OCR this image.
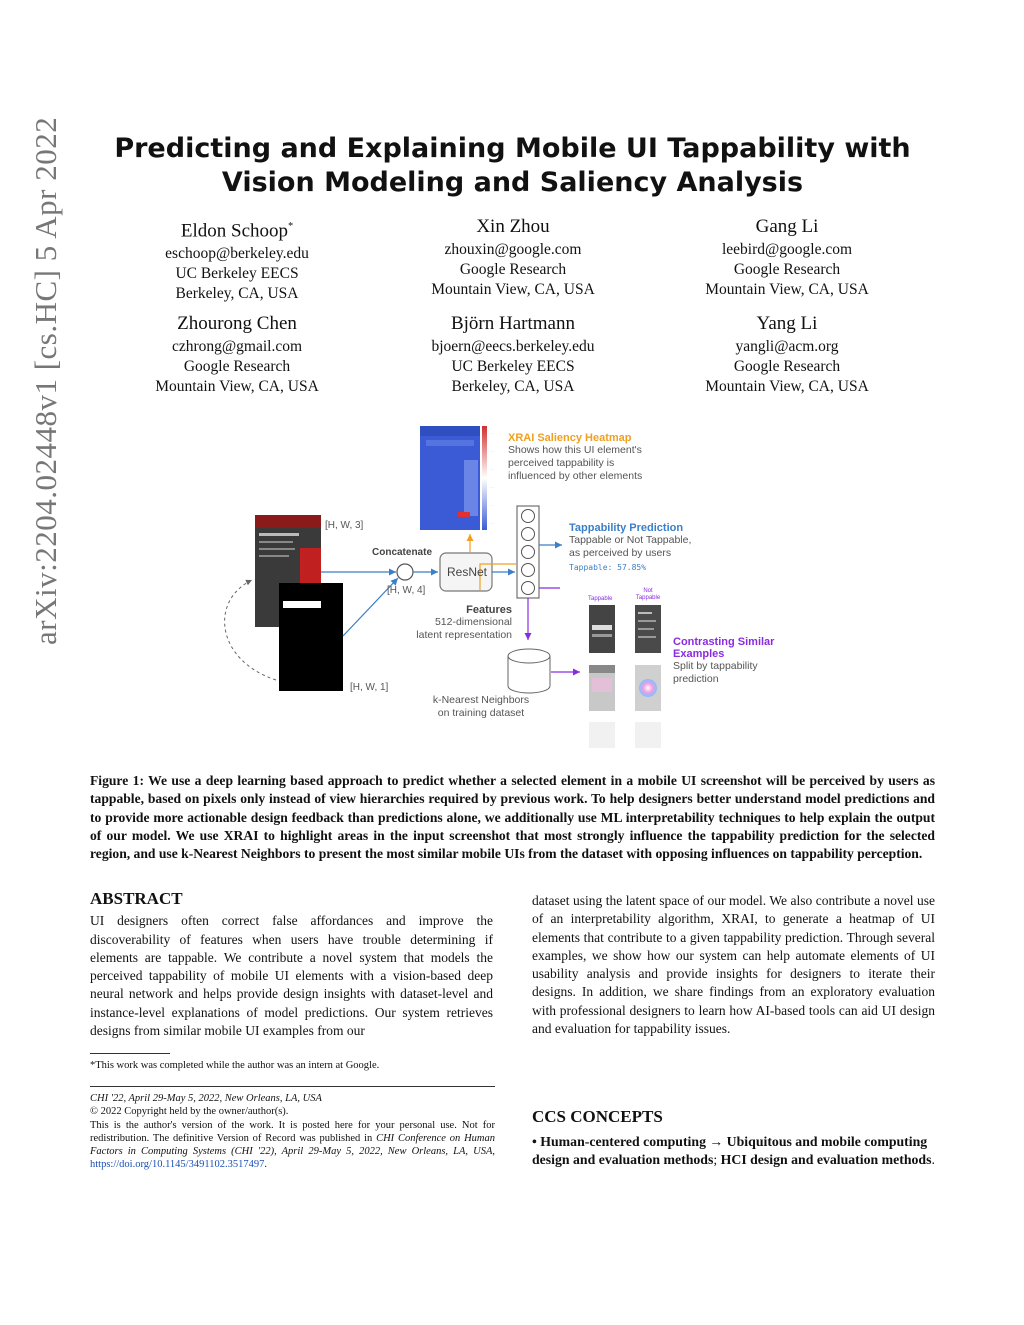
arXiv:2204.02448v1 [cs.HC] 5 Apr 2022	Predicting and Explaining Mobile UI Tappability with Vision Modeling and Saliency Analysis
Eldon Schoop*
eschoop@berkeley.edu
UC Berkeley EECS
Berkeley, CA, USA
Xin Zhou
zhouxin@google.com
Google Research
Mountain View, CA, USA
Gang Li
leebird@google.com
Google Research
Mountain View, CA, USA
Zhourong Chen
czhrong@gmail.com
Google Research
Mountain View, CA, USA
Björn Hartmann
bjoern@eecs.berkeley.edu
UC Berkeley EECS
Berkeley, CA, USA
Yang Li
yangli@acm.org
Google Research
Mountain View, CA, USA
·····
·····
·····
·····
·····
·····
[H, W, 3]
[H, W, 1]
[H, W, 4]
Concatenate
ResNet
Features
512-dimensional
latent representation
k-Nearest Neighbors
on training dataset
XRAI Saliency Heatmap
Shows how this UI element's
perceived tappability is
influenced by other elements
Tappability Prediction
Tappable or Not Tappable,
as perceived by users
Tappable: 57.85%
Tappable
Not
Tappable
Contrasting Similar
Examples
Split by tappability
prediction
Figure 1: We use a deep learning based approach to predict whether a selected element in a mobile UI screenshot will be perceived by users as tappable, based on pixels only instead of view hierarchies required by previous work. To help designers better understand model predictions and to provide more actionable design feedback than predictions alone, we additionally use ML interpretability techniques to help explain the output of our model. We use XRAI to highlight areas in the input screenshot that most strongly influence the tappability prediction for the selected region, and use k-Nearest Neighbors to present the most similar mobile UIs from the dataset with opposing influences on tappability perception.
ABSTRACT
UI designers often correct false affordances and improve the discoverability of features when users have trouble determining if elements are tappable. We contribute a novel system that models the perceived tappability of mobile UI elements with a vision-based deep neural network and helps provide design insights with dataset-level and instance-level explanations of model predictions. Our system retrieves designs from similar mobile UI examples from our
dataset using the latent space of our model. We also contribute a novel use of an interpretability algorithm, XRAI, to generate a heatmap of UI elements that contribute to a given tappability prediction. Through several examples, we show how our system can help automate elements of UI usability analysis and provide insights for designers to iterate their designs. In addition, we share findings from an exploratory evaluation with professional designers to learn how AI-based tools can aid UI design and evaluation for tappability issues.
*This work was completed while the author was an intern at Google.
CHI '22, April 29-May 5, 2022, New Orleans, LA, USA
© 2022 Copyright held by the owner/author(s).
This is the author's version of the work. It is posted here for your personal use. Not for redistribution. The definitive Version of Record was published in CHI Conference on Human Factors in Computing Systems (CHI '22), April 29-May 5, 2022, New Orleans, LA, USA, https://doi.org/10.1145/3491102.3517497.
CCS CONCEPTS
• Human-centered computing → Ubiquitous and mobile computing design and evaluation methods; HCI design and evaluation methods.
